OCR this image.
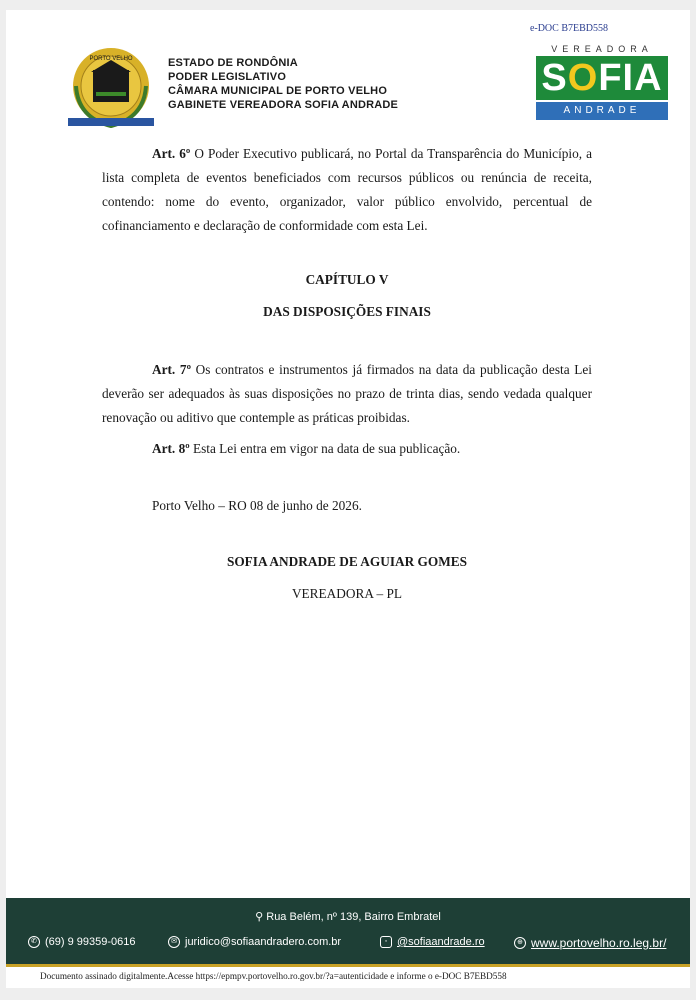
e-DOC B7EBD558
PORTO VELHO	ESTADO DE RONDÔNIA
PODER LEGISLATIVO
CÂMARA MUNICIPAL DE PORTO VELHO
GABINETE VEREADORA SOFIA ANDRADE
VEREADORA
SOFIA
ANDRADE

Art. 6º O Poder Executivo publicará, no Portal da Transparência do Município, a lista completa de eventos beneficiados com recursos públicos ou renúncia de receita, contendo: nome do evento, organizador, valor público envolvido, percentual de cofinanciamento e declaração de conformidade com esta Lei.

CAPÍTULO V
DAS DISPOSIÇÕES FINAIS

Art. 7º Os contratos e instrumentos já firmados na data da publicação desta Lei deverão ser adequados às suas disposições no prazo de trinta dias, sendo vedada qualquer renovação ou aditivo que contemple as práticas proibidas.

Art. 8º Esta Lei entra em vigor na data de sua publicação.

Porto Velho – RO 08 de junho de 2026.

SOFIA ANDRADE DE AGUIAR GOMES
VEREADORA – PL
⚲ Rua Belém, nº 139, Bairro Embratel
✆ (69) 9 99359-0616	✉ juridico@sofiaandradero.com.br	◦ @sofiaandrade.ro	⊕ www.portovelho.ro.leg.br/
Documento assinado digitalmente.Acesse https://epmpv.portovelho.ro.gov.br/?a=autenticidade e informe o e-DOC B7EBD558
